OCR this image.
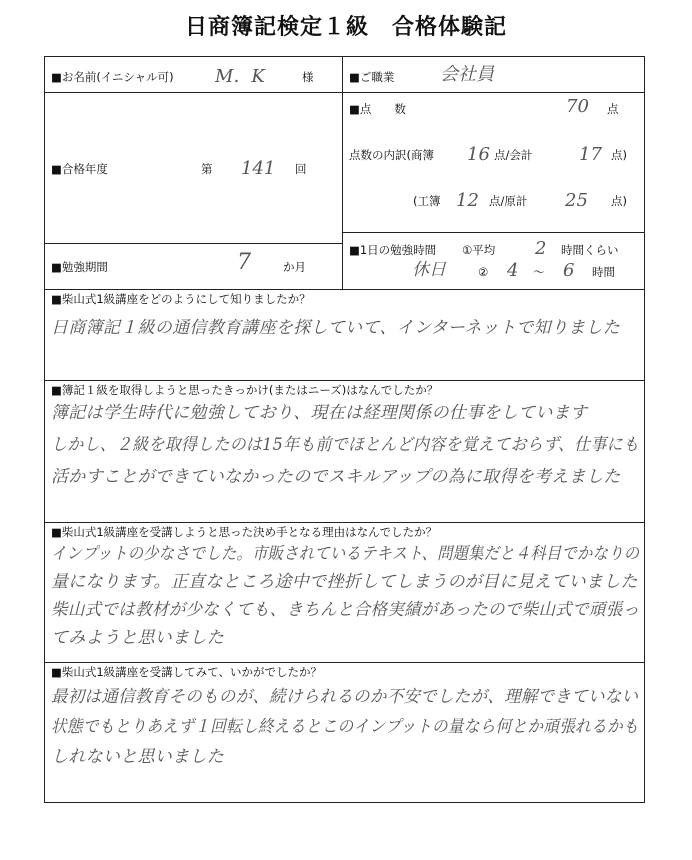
日商簿記検定１級　合格体験記
■お名前(イニシャル可) M．K	様	■ご職業	会社員
■合格年度	第 141 回
■点　　数	70 点
点数の内訳(商簿 16 点/会計	17 点)
(工簿 12 点/原計 25 点)
■勉強期間	7	か月
■1日の勉強時間 ①平均 2 時間くらい
休日	② 4 ～ 6 時間
■柴山式1級講座をどのようにして知りましたか？
日商簿記１級の通信教育講座を探していて、インターネットで知りました
■簿記１級を取得しようと思ったきっかけ(またはニーズ)はなんでしたか？
簿記は学生時代に勉強しており、現在は経理関係の仕事をしています
しかし、２級を取得したのは15年も前でほとんど内容を覚えておらず、仕事にも
活かすことができていなかったのでスキルアップの為に取得を考えました
■柴山式1級講座を受講しようと思った決め手となる理由はなんでしたか？
インプットの少なさでした。市販されているテキスト、問題集だと４科目でかなりの
量になります。正直なところ途中で挫折してしまうのが目に見えていました
柴山式では教材が少なくても、きちんと合格実績があったので柴山式で頑張っ
てみようと思いました
■柴山式1級講座を受講してみて、いかがでしたか？
最初は通信教育そのものが、続けられるのか不安でしたが、理解できていない
状態でもとりあえず１回転し終えるとこのインプットの量なら何とか頑張れるかも
しれないと思いました
